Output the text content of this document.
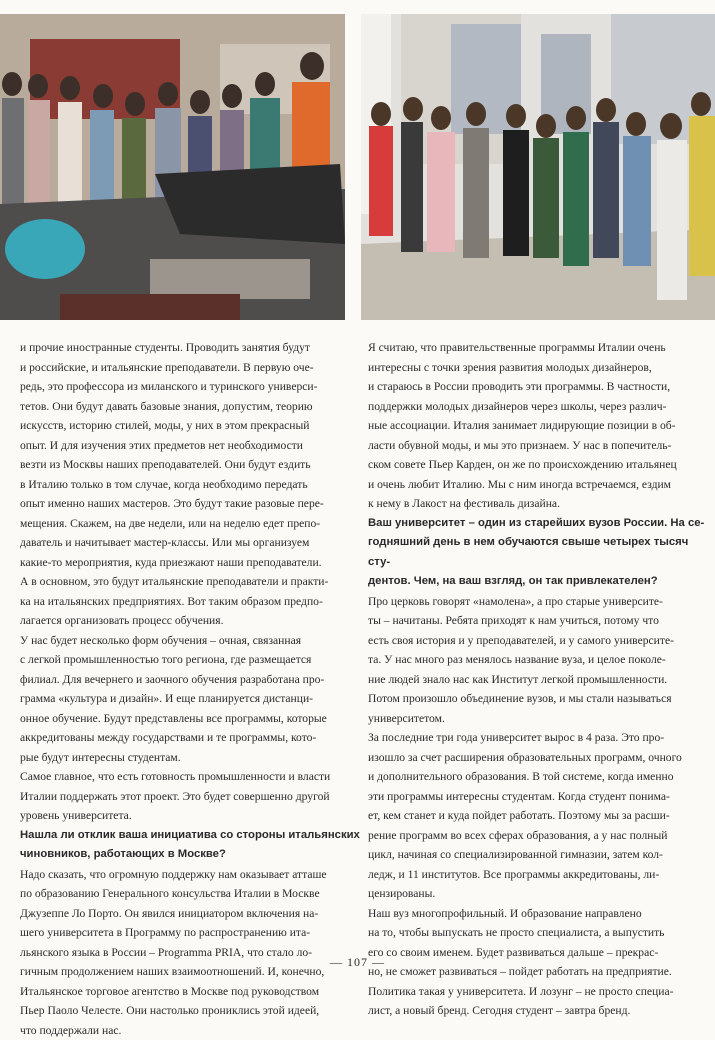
и прочие иностранные студенты. Проводить занятия будут

и российские, и итальянские преподаватели. В первую оче-

редь, это профессора из миланского и туринского универси-

тетов. Они будут давать базовые знания, допустим, теорию

искусств, историю стилей, моды, у них в этом прекрасный

опыт. И для изучения этих предметов нет необходимости

везти из Москвы наших преподавателей. Они будут ездить

в Италию только в том случае, когда необходимо передать

опыт именно наших мастеров. Это будут такие разовые пере-

мещения. Скажем, на две недели, или на неделю едет препо-

даватель и начитывает мастер-классы. Или мы организуем

какие-то мероприятия, куда приезжают наши преподаватели.

А в основном, это будут итальянские преподаватели и практи-

ка на итальянских предприятиях. Вот таким образом предпо-

лагается организовать процесс обучения.

У нас будет несколько форм обучения – очная, связанная

с легкой промышленностью того региона, где размещается

филиал. Для вечернего и заочного обучения разработана про-

грамма «культура и дизайн». И еще планируется дистанци-

онное обучение. Будут представлены все программы, которые

аккредитованы между государствами и те программы, кото-

рые будут интересны студентам.

Самое главное, что есть готовность промышленности и власти

Италии поддержать этот проект. Это будет совершенно другой

уровень университета.

Нашла ли отклик ваша инициатива со стороны итальянских

чиновников, работающих в Москве?

Надо сказать, что огромную поддержку нам оказывает атташе

по образованию Генерального консульства Италии в Москве

Джузеппе Ло Порто. Он явился инициатором включения на-

шего университета в Программу по распространению ита-

льянского языка в России – Programma PRIA, что стало ло-

гичным продолжением наших взаимоотношений. И, конечно,

Итальянское торговое агентство в Москве под руководством

Пьер Паоло Челесте. Они настолько прониклись этой идеей,

что поддержали нас.

Я считаю, что правительственные программы Италии очень

интересны с точки зрения развития молодых дизайнеров,

и стараюсь в России проводить эти программы. В частности,

поддержки молодых дизайнеров через школы, через различ-

ные ассоциации. Италия занимает лидирующие позиции в об-

ласти обувной моды, и мы это признаем. У нас в попечитель-

ском совете Пьер Карден, он же по происхождению итальянец

и очень любит Италию. Мы с ним иногда встречаемся, ездим

к нему в Лакост на фестиваль дизайна.

Ваш университет – один из старейших вузов России. На се-

годняшний день в нем обучаются свыше четырех тысяч сту-

дентов. Чем, на ваш взгляд, он так привлекателен?

Про церковь говорят «намолена», а про старые университе-

ты – начитаны. Ребята приходят к нам учиться, потому что

есть своя история и у преподавателей, и у самого университе-

та. У нас много раз менялось название вуза, и целое поколе-

ние людей знало нас как Институт легкой промышленности.

Потом произошло объединение вузов, и мы стали называться

университетом.

За последние три года университет вырос в 4 раза. Это про-

изошло за счет расширения образовательных программ, очного

и дополнительного образования. В той системе, когда именно

эти программы интересны студентам. Когда студент понима-

ет, кем станет и куда пойдет работать. Поэтому мы за расши-

рение программ во всех сферах образования, а у нас полный

цикл, начиная со специализированной гимназии, затем кол-

ледж, и 11 институтов. Все программы аккредитованы, ли-

цензированы.

Наш вуз многопрофильный. И образование направлено

на то, чтобы выпускать не просто специалиста, а выпустить

его со своим именем. Будет развиваться дальше – прекрас-

но, не сможет развиваться – пойдет работать на предприятие.

Политика такая у университета. И лозунг – не просто специа-

лист, а новый бренд. Сегодня студент – завтра бренд.

— 107 —
